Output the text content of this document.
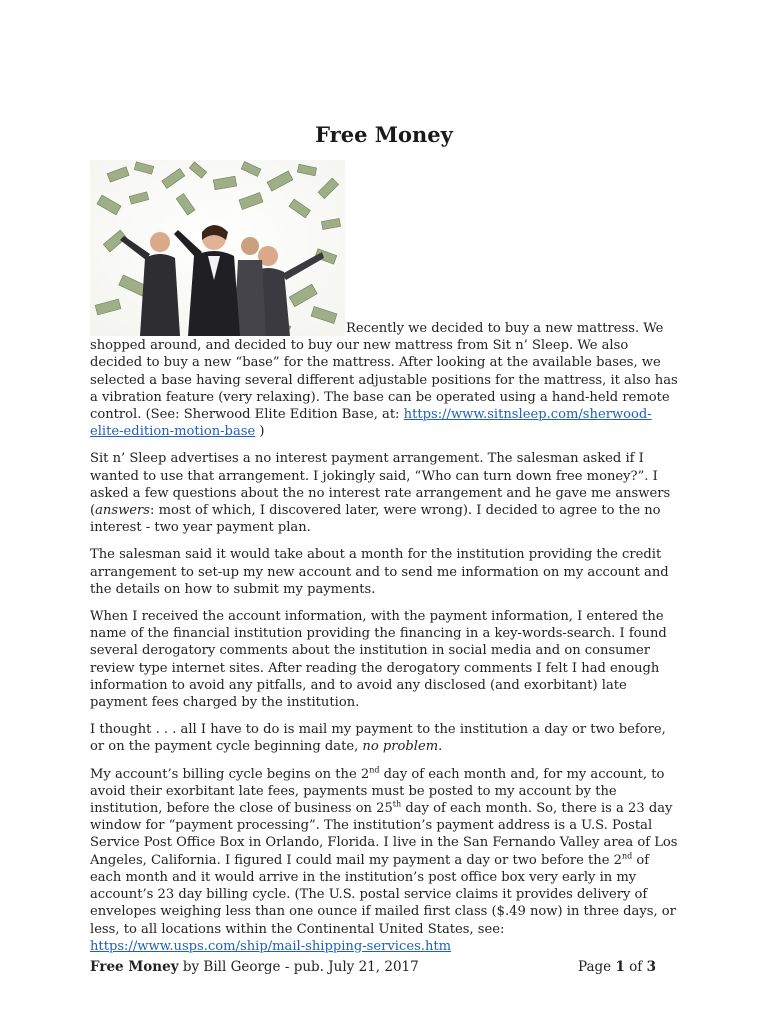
Free Money

Recently we decided to buy a new mattress. We shopped around, and decided to buy our new mattress from Sit n’ Sleep. We also decided to buy a new “base” for the mattress. After looking at the available bases, we selected a base having several different adjustable positions for the mattress, it also has a vibration feature (very relaxing). The base can be operated using a hand-held remote control. (See: Sherwood Elite Edition Base, at: https://www.sitnsleep.com/sherwood-elite-edition-motion-base )

Sit n’ Sleep advertises a no interest payment arrangement. The salesman asked if I wanted to use that arrangement. I jokingly said, “Who can turn down free money?”. I asked a few questions about the no interest rate arrangement and he gave me answers (answers: most of which, I discovered later, were wrong). I decided to agree to the no interest - two year payment plan.

The salesman said it would take about a month for the institution providing the credit arrangement to set-up my new account and to send me information on my account and the details on how to submit my payments.

When I received the account information, with the payment information, I entered the name of the financial institution providing the financing in a key-words-search. I found several derogatory comments about the institution in social media and on consumer review type internet sites. After reading the derogatory comments I felt I had enough information to avoid any pitfalls, and to avoid any disclosed (and exorbitant) late payment fees charged by the institution.

I thought . . . all I have to do is mail my payment to the institution a day or two before, or on the payment cycle beginning date, no problem.

My account’s billing cycle begins on the 2nd day of each month and, for my account, to avoid their exorbitant late fees, payments must be posted to my account by the institution, before the close of business on 25th day of each month. So, there is a 23 day window for “payment processing”. The institution’s payment address is a U.S. Postal Service Post Office Box in Orlando, Florida. I live in the San Fernando Valley area of Los Angeles, California. I figured I could mail my payment a day or two before the 2nd of each month and it would arrive in the institution’s post office box very early in my account’s 23 day billing cycle. (The U.S. postal service claims it provides delivery of envelopes weighing less than one ounce if mailed first class ($.49 now) in three days, or less, to all locations within the Continental United States, see: https://www.usps.com/ship/mail-shipping-services.htm

Free Money by Bill George - pub. July 21, 2017	Page 1 of 3
